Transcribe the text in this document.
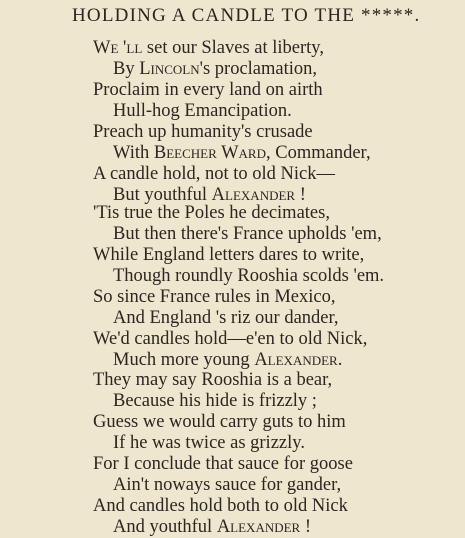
HOLDING A CANDLE TO THE *****.
We 'll set our Slaves at liberty,
By Lincoln's proclamation,
Proclaim in every land on airth
Hull-hog Emancipation.
Preach up humanity's crusade
With Beecher Ward, Commander,
A candle hold, not to old Nick—
But youthful Alexander !
'Tis true the Poles he decimates,
But then there's France upholds 'em,
While England letters dares to write,
Though roundly Rooshia scolds 'em.
So since France rules in Mexico,
And England 's riz our dander,
We'd candles hold—e'en to old Nick,
Much more young Alexander.
They may say Rooshia is a bear,
Because his hide is frizzly ;
Guess we would carry guts to him
If he was twice as grizzly.
For I conclude that sauce for goose
Ain't noways sauce for gander,
And candles hold both to old Nick
And youthful Alexander !
